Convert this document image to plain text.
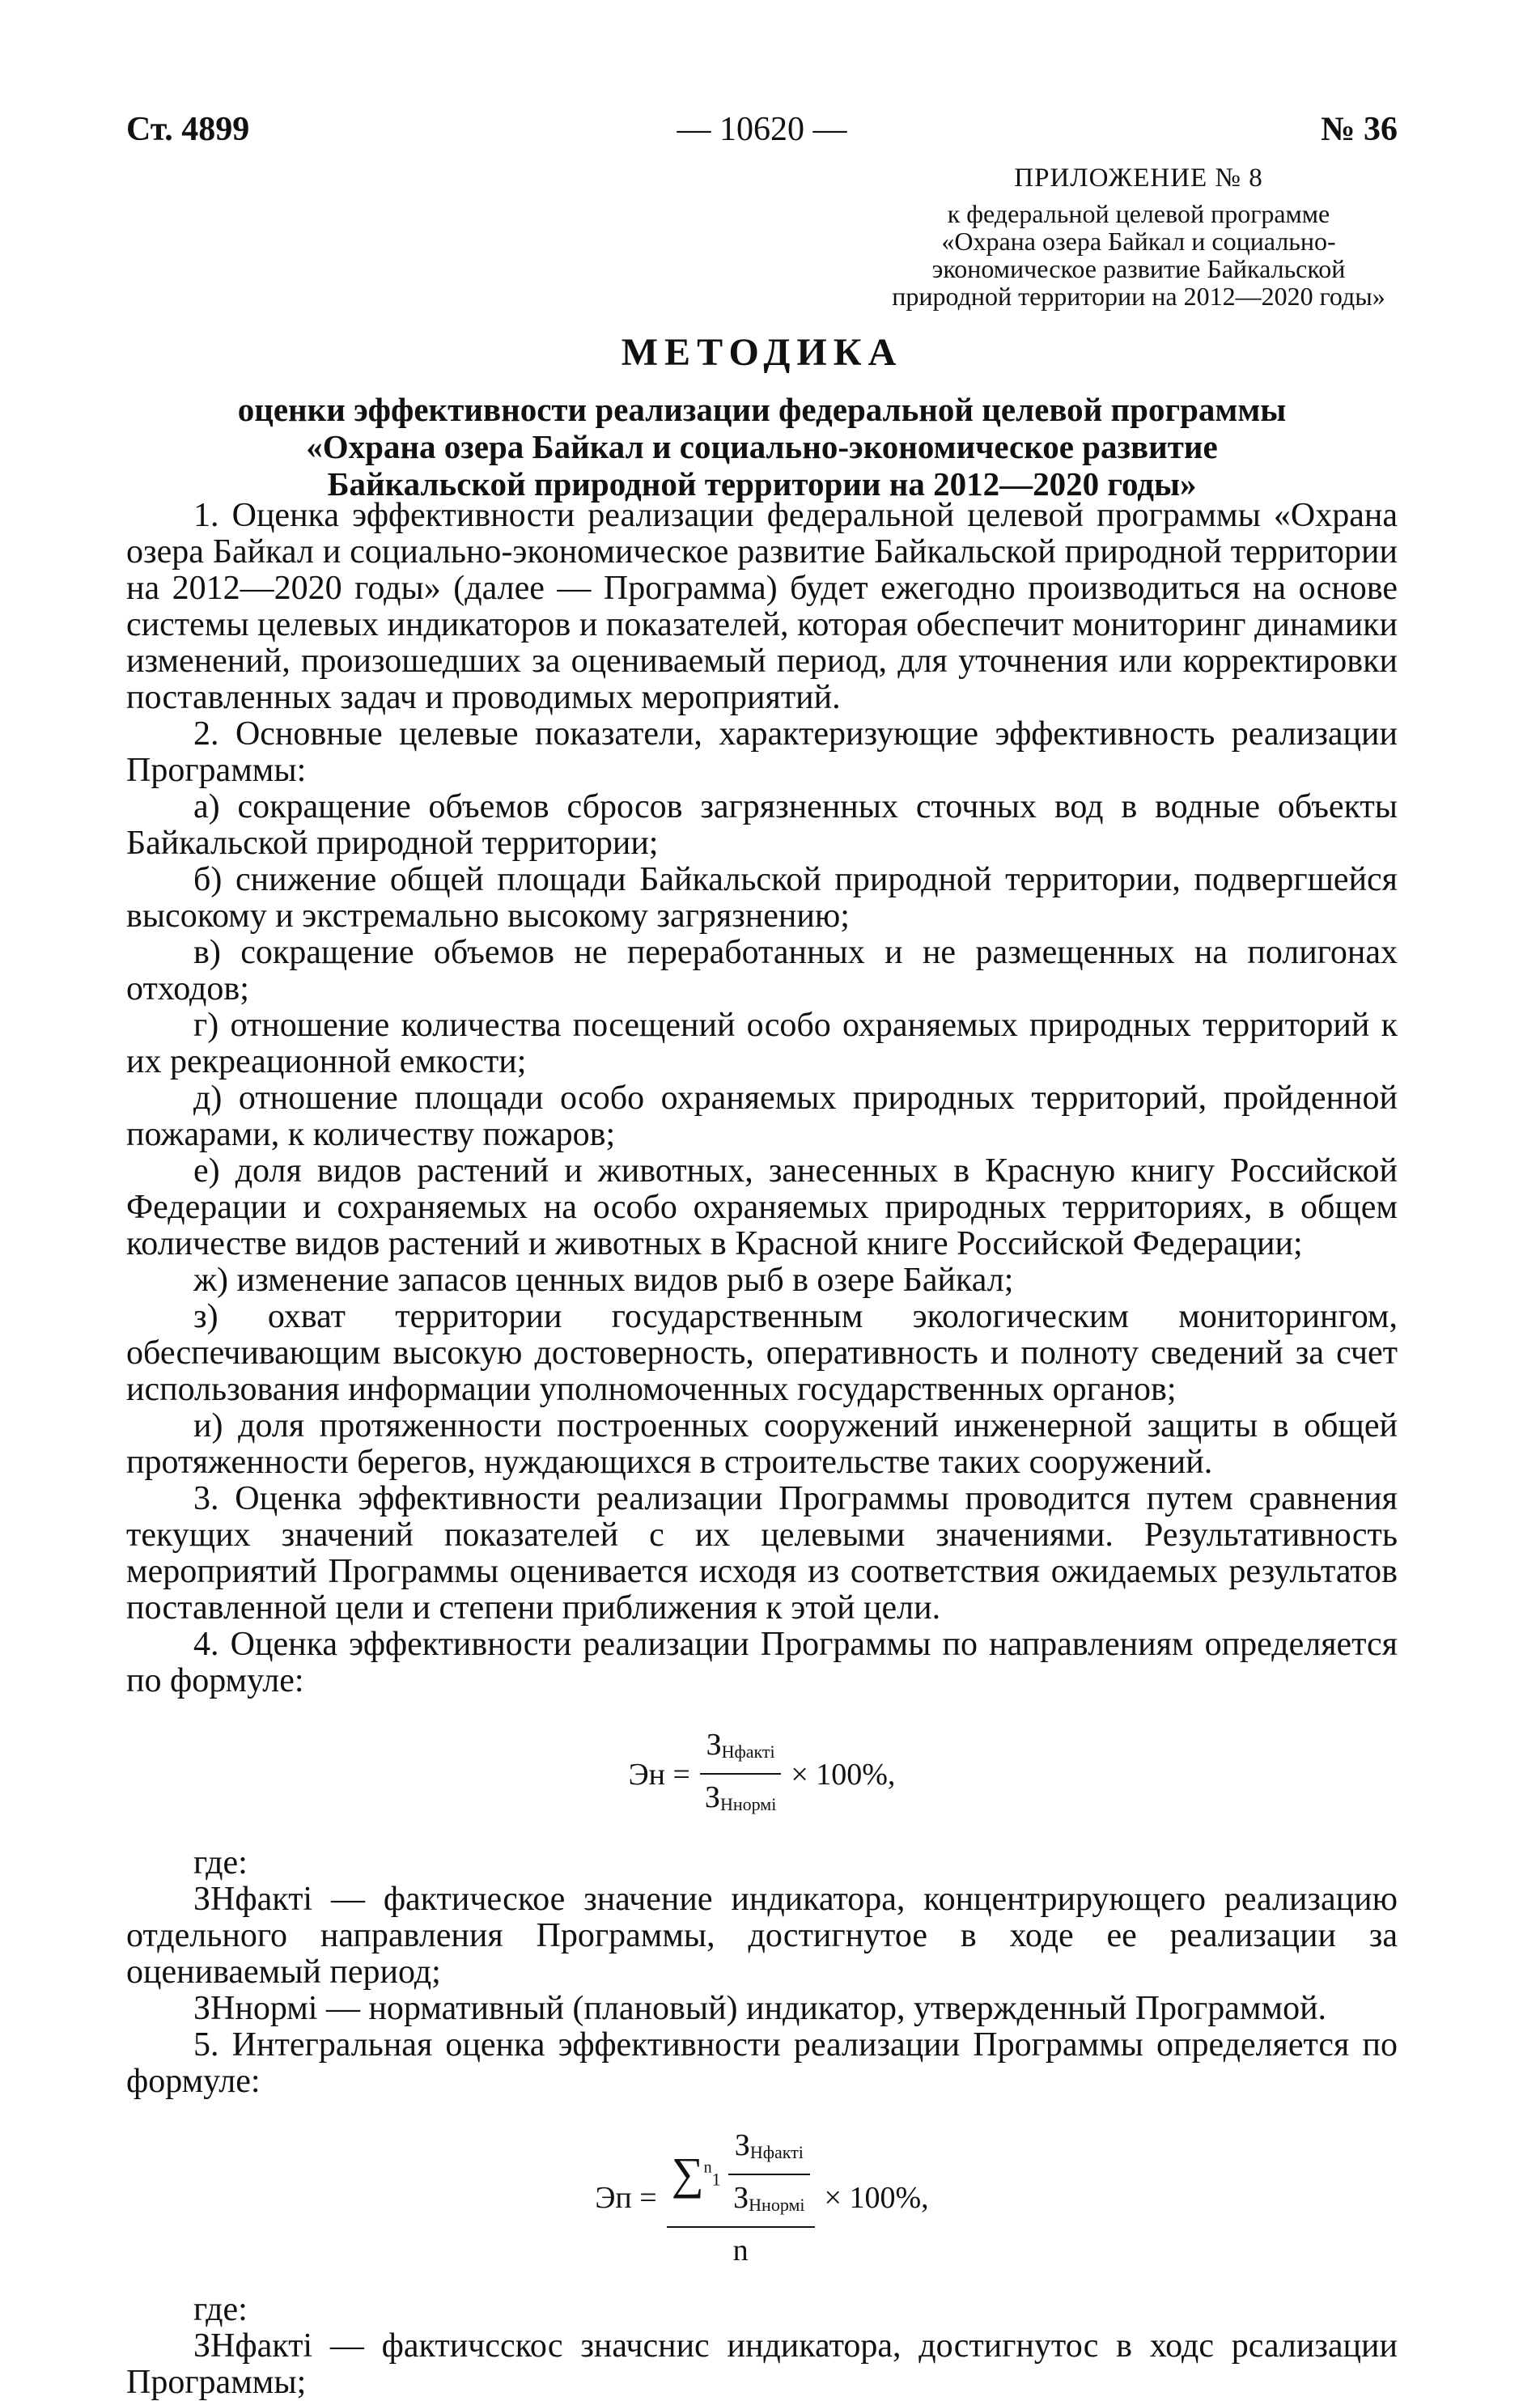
Ст. 4899	— 10620 —	№ 36
ПРИЛОЖЕНИЕ № 8
к федеральной целевой программе
«Охрана озера Байкал и социально-
экономическое развитие Байкальской
природной территории на 2012—2020 годы»
МЕТОДИКА
оценки эффективности реализации федеральной целевой программы
«Охрана озера Байкал и социально-экономическое развитие
Байкальской природной территории на 2012—2020 годы»

1. Оценка эффективности реализации федеральной целевой программы «Охрана озера Байкал и социально-экономическое развитие Байкальской природной территории на 2012—2020 годы» (далее — Программа) будет ежегодно производиться на основе системы целевых индикаторов и показателей, которая обеспечит мониторинг динамики изменений, произошедших за оцениваемый период, для уточнения или корректировки поставленных задач и проводимых мероприятий.

2. Основные целевые показатели, характеризующие эффективность реализации Программы:

а) сокращение объемов сбросов загрязненных сточных вод в водные объекты Байкальской природной территории;

б) снижение общей площади Байкальской природной территории, подвергшейся высокому и экстремально высокому загрязнению;

в) сокращение объемов не переработанных и не размещенных на полигонах отходов;

г) отношение количества посещений особо охраняемых природных территорий к их рекреационной емкости;

д) отношение площади особо охраняемых природных территорий, пройденной пожарами, к количеству пожаров;

е) доля видов растений и животных, занесенных в Красную книгу Российской Федерации и сохраняемых на особо охраняемых природных территориях, в общем количестве видов растений и животных в Красной книге Российской Федерации;

ж) изменение запасов ценных видов рыб в озере Байкал;

з) охват территории государственным экологическим мониторингом, обеспечивающим высокую достоверность, оперативность и полноту сведений за счет использования информации уполномоченных государственных органов;

и) доля протяженности построенных сооружений инженерной защиты в общей протяженности берегов, нуждающихся в строительстве таких сооружений.

3. Оценка эффективности реализации Программы проводится путем сравнения текущих значений показателей с их целевыми значениями. Результативность мероприятий Программы оценивается исходя из соответствия ожидаемых результатов поставленной цели и степени приближения к этой цели.

4. Оценка эффективности реализации Программы по направлениям определяется по формуле:

Эн =	$\frac{\text{ЗНфакті}}{\text{ЗНнормі}}$	× 100%,

где:

ЗНфакті — фактическое значение индикатора, концентрирующего реализацию отдельного направления Программы, достигнутое в ходе ее реализации за оцениваемый период;

ЗНнормі — нормативный (плановый) индикатор, утвержденный Программой.

5. Интегральная оценка эффективности реализации Программы определяется по формуле:

Эп =	$\sum^n1 \frac{\text{ЗНфакті}}{\text{ЗНнормі}}$
n
	× 100%,

где:

ЗНфакті — фактичсскос значснис индикатора, достигнутос в ходс рсализации Программы;
